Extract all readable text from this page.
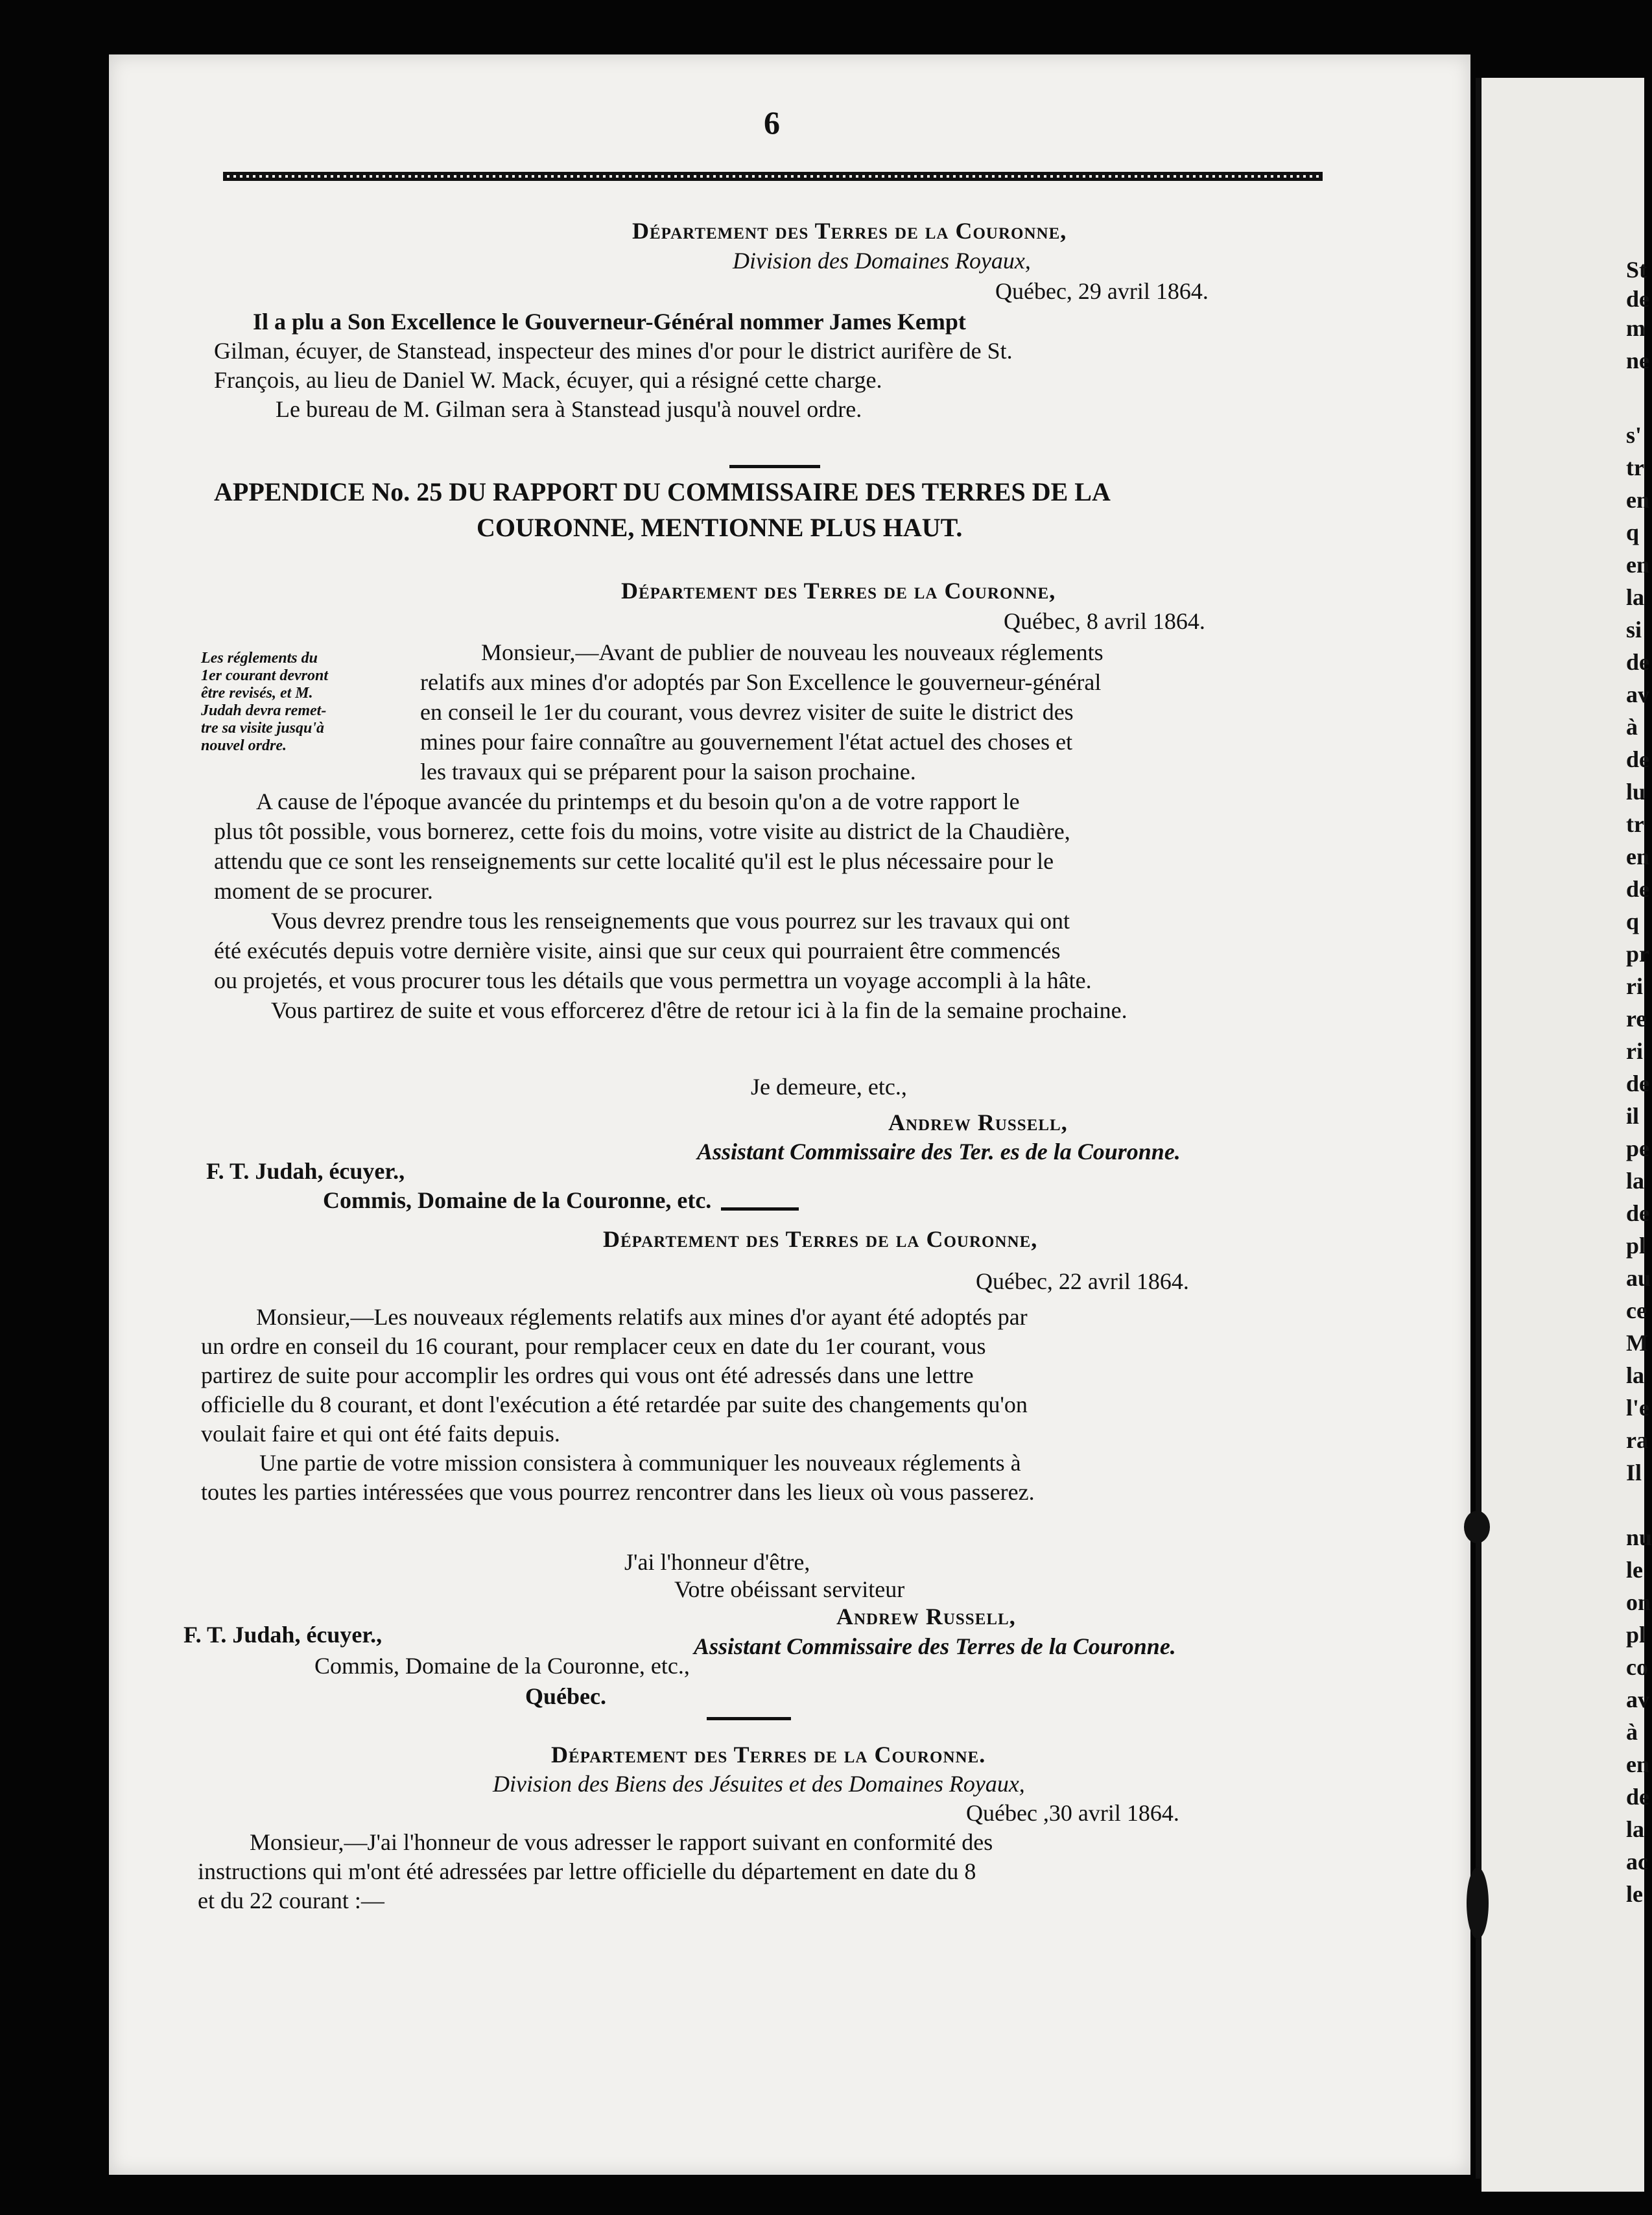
St
de
m
ne
s'
tr
en
q
en
la
si
de
av
à
de
lu
tr
en
de
q
pr
ri
re
ri
de
il
pe
la
de
pl
au
ce
M
la
l'e
ra
Il
nu
le
on
pl
co
av
à
en
de
la
ac
le
6
Département des Terres de la Couronne,
Division des Domaines Royaux,
Québec, 29 avril 1864.
Il a plu a Son Excellence le Gouverneur-Général nommer James Kempt
Gilman, écuyer, de Stanstead, inspecteur des mines d'or pour le district aurifère de St.
François, au lieu de Daniel W. Mack, écuyer, qui a résigné cette charge.
Le bureau de M. Gilman sera à Stanstead jusqu'à nouvel ordre.
APPENDICE No. 25 DU RAPPORT DU COMMISSAIRE DES TERRES DE LA
COURONNE, MENTIONNE PLUS HAUT.
Département des Terres de la Couronne,
Québec, 8 avril 1864.
Les réglements du
1er courant devront
être revisés, et M.
Judah devra remet-
tre sa visite jusqu'à
nouvel ordre.
Monsieur,—Avant de publier de nouveau les nouveaux réglements
relatifs aux mines d'or adoptés par Son Excellence le gouverneur-général
en conseil le 1er du courant, vous devrez visiter de suite le district des
mines pour faire connaître au gouvernement l'état actuel des choses et
les travaux qui se préparent pour la saison prochaine.
A cause de l'époque avancée du printemps et du besoin qu'on a de votre rapport le
plus tôt possible, vous bornerez, cette fois du moins, votre visite au district de la Chaudière,
attendu que ce sont les renseignements sur cette localité qu'il est le plus nécessaire pour le
moment de se procurer.
Vous devrez prendre tous les renseignements que vous pourrez sur les travaux qui ont
été exécutés depuis votre dernière visite, ainsi que sur ceux qui pourraient être commencés
ou projetés, et vous procurer tous les détails que vous permettra un voyage accompli à la hâte.
Vous partirez de suite et vous efforcerez d'être de retour ici à la fin de la semaine prochaine.
Je demeure, etc.,
Andrew Russell,
Assistant Commissaire des Ter. es de la Couronne.
F. T. Judah, écuyer.,
Commis, Domaine de la Couronne, etc.
Département des Terres de la Couronne,
Québec, 22 avril 1864.
Monsieur,—Les nouveaux réglements relatifs aux mines d'or ayant été adoptés par
un ordre en conseil du 16 courant, pour remplacer ceux en date du 1er courant, vous
partirez de suite pour accomplir les ordres qui vous ont été adressés dans une lettre
officielle du 8 courant, et dont l'exécution a été retardée par suite des changements qu'on
voulait faire et qui ont été faits depuis.
Une partie de votre mission consistera à communiquer les nouveaux réglements à
toutes les parties intéressées que vous pourrez rencontrer dans les lieux où vous passerez.
J'ai l'honneur d'être,
Votre obéissant serviteur
Andrew Russell,
Assistant Commissaire des Terres de la Couronne.
F. T. Judah, écuyer.,
Commis, Domaine de la Couronne, etc.,
Québec.
Département des Terres de la Couronne.
Division des Biens des Jésuites et des Domaines Royaux,
Québec ,30 avril 1864.
Monsieur,—J'ai l'honneur de vous adresser le rapport suivant en conformité des
instructions qui m'ont été adressées par lettre officielle du département en date du 8
et du 22 courant :—
